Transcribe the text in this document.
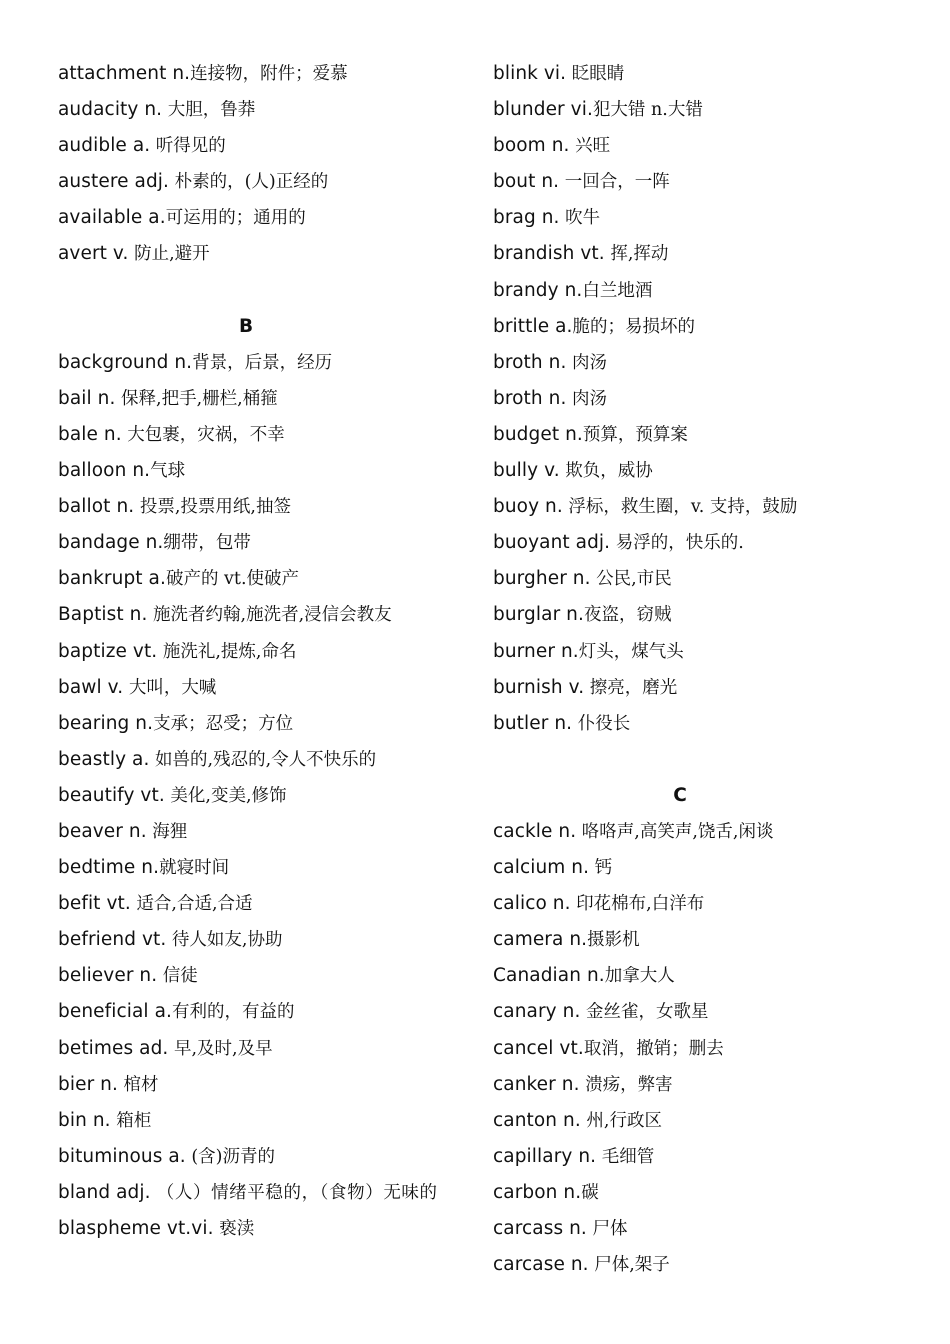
attachment n.连接物，附件；爱慕
audacity n. 大胆，鲁莽
audible a. 听得见的
austere adj. 朴素的，(人)正经的
available a.可运用的；通用的
avert v. 防止,避开
B
background n.背景，后景，经历
bail n. 保释,把手,栅栏,桶箍
bale n. 大包裹，灾祸，不幸
balloon n.气球
ballot n. 投票,投票用纸,抽签
bandage n.绷带，包带
bankrupt a.破产的 vt.使破产
Baptist n. 施洗者约翰,施洗者,浸信会教友
baptize vt. 施洗礼,提炼,命名
bawl v. 大叫，大喊
bearing n.支承；忍受；方位
beastly a. 如兽的,残忍的,令人不快乐的
beautify vt. 美化,变美,修饰
beaver n. 海狸
bedtime n.就寝时间
befit vt. 适合,合适,合适
befriend vt. 待人如友,协助
believer n. 信徒
beneficial a.有利的，有益的
betimes ad. 早,及时,及早
bier n. 棺材
bin n. 箱柜
bituminous a. (含)沥青的
bland adj. （人）情绪平稳的，（食物）无味的
blaspheme vt.vi. 亵渎
blink vi. 眨眼睛
blunder vi.犯大错 n.大错
boom n. 兴旺
bout n. 一回合，一阵
brag n. 吹牛
brandish vt. 挥,挥动
brandy n.白兰地酒
brittle a.脆的；易损坏的
broth n. 肉汤
broth n. 肉汤
budget n.预算，预算案
bully v. 欺负，威协
buoy n. 浮标，救生圈，v. 支持，鼓励
buoyant adj. 易浮的，快乐的.
burgher n. 公民,市民
burglar n.夜盗，窃贼
burner n.灯头，煤气头
burnish v. 擦亮，磨光
butler n. 仆役长
C
cackle n. 咯咯声,高笑声,饶舌,闲谈
calcium n. 钙
calico n. 印花棉布,白洋布
camera n.摄影机
Canadian n.加拿大人
canary n. 金丝雀，女歌星
cancel vt.取消，撤销；删去
canker n. 溃疡，弊害
canton n. 州,行政区
capillary n. 毛细管
carbon n.碳
carcass n. 尸体
carcase n. 尸体,架子
